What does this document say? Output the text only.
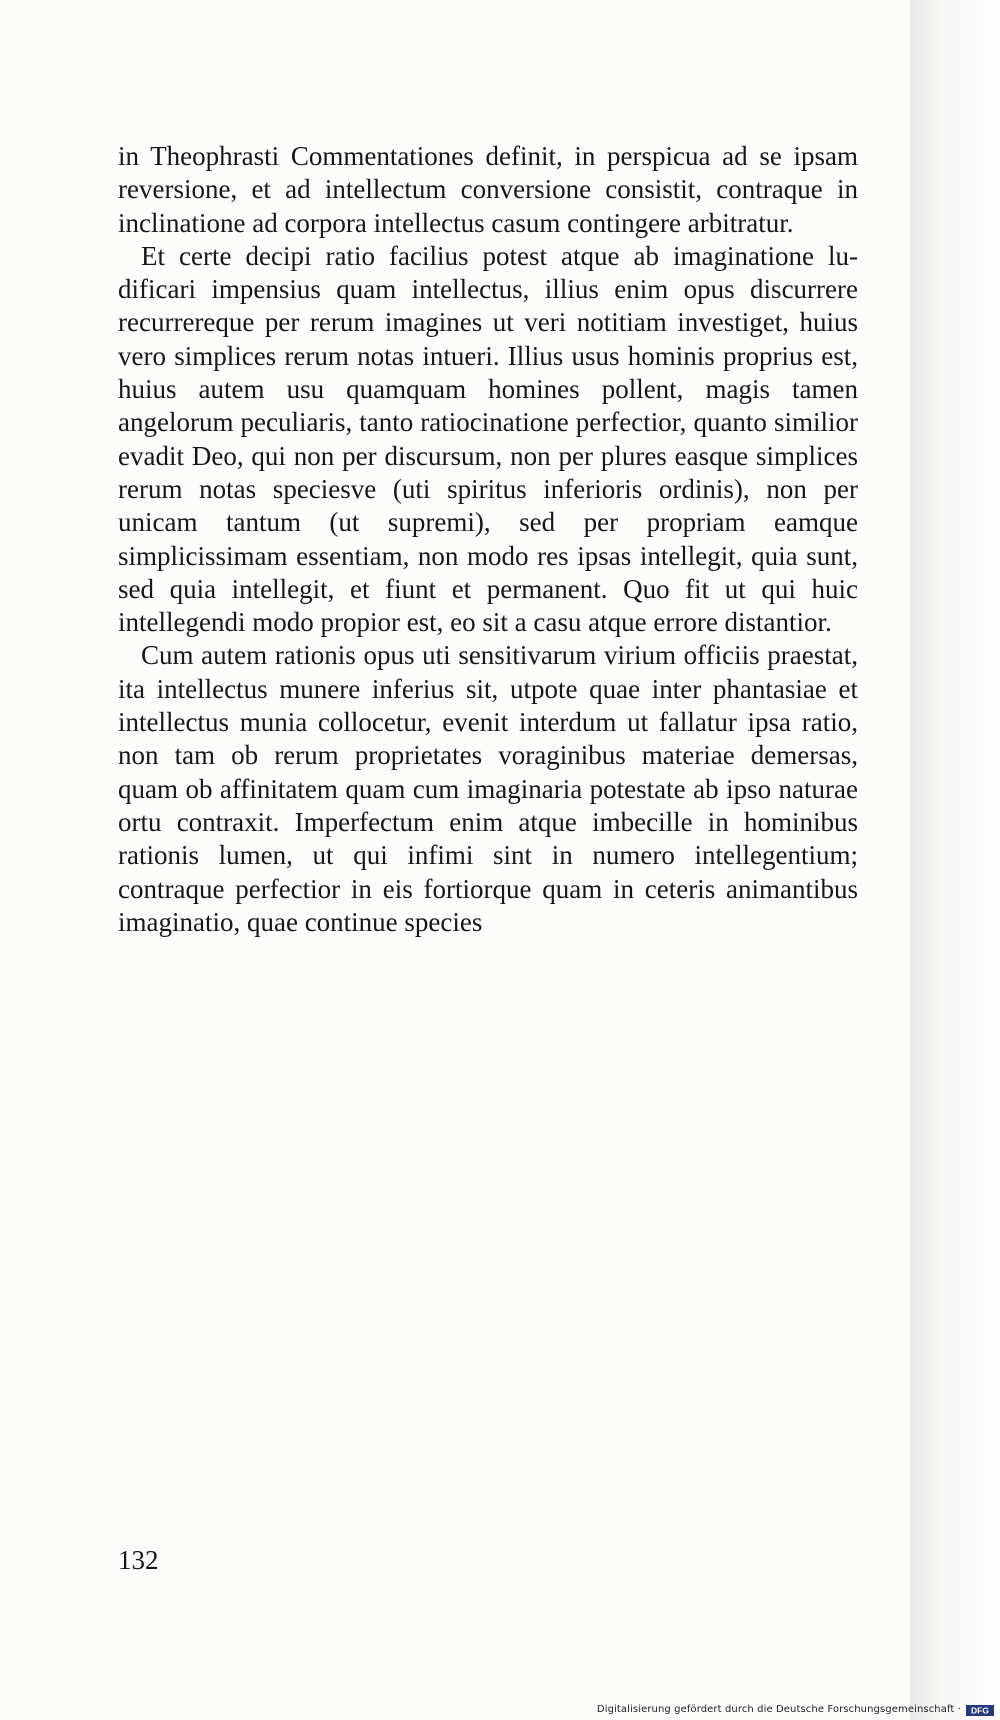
in Theophrasti Commentationes definit, in perspicua ad se ipsam reversione, et ad intellectum conversione consistit, contraque in inclinatione ad corpora intellectus casum contingere arbitratur.

Et certe decipi ratio facilius potest atque ab imaginatione ludificari impensius quam intellectus, illius enim opus discurrere recurrereque per rerum imagines ut veri notitiam investiget, huius vero simplices rerum notas intueri. Illius usus hominis proprius est, huius autem usu quamquam homines pollent, magis tamen angelorum peculiaris, tanto ratiocinatione perfectior, quanto similior evadit Deo, qui non per discursum, non per plures easque simplices rerum notas speciesve (uti spiritus inferioris ordinis), non per unicam tantum (ut supremi), sed per propriam eamque simplicissimam essentiam, non modo res ipsas intellegit, quia sunt, sed quia intellegit, et fiunt et permanent. Quo fit ut qui huic intellegendi modo propior est, eo sit a casu atque errore distantior.

Cum autem rationis opus uti sensitivarum virium officiis praestat, ita intellectus munere inferius sit, utpote quae inter phantasiae et intellectus munia collocetur, evenit interdum ut fallatur ipsa ratio, non tam ob rerum proprietates voraginibus materiae demersas, quam ob affinitatem quam cum imaginaria potestate ab ipso naturae ortu contraxit. Imperfectum enim atque imbecille in hominibus rationis lumen, ut qui infimi sint in numero intellegentium; contraque perfectior in eis fortiorque quam in ceteris animantibus imaginatio, quae continue species

132
Digitalisierung gefördert durch die Deutsche Forschungsgemeinschaft · DFG
